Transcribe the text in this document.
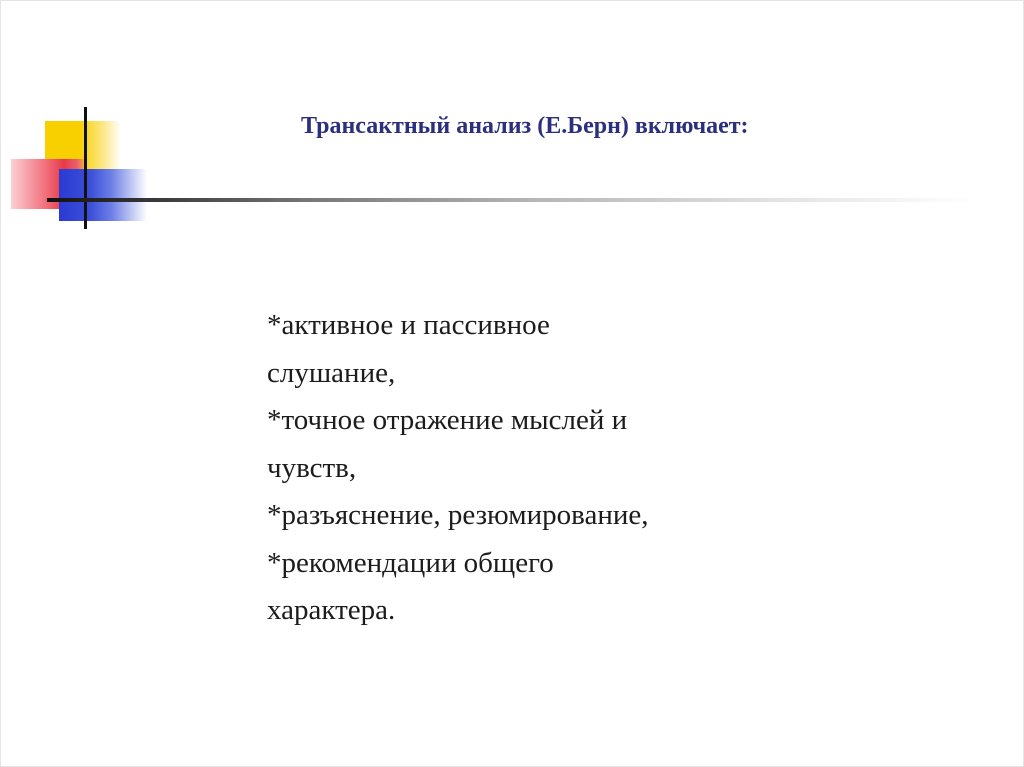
Трансактный анализ (Е.Берн) включает:
*активное и пассивное
слушание,
*точное отражение мыслей и
чувств,
*разъяснение, резюмирование,
*рекомендации общего
характера.
